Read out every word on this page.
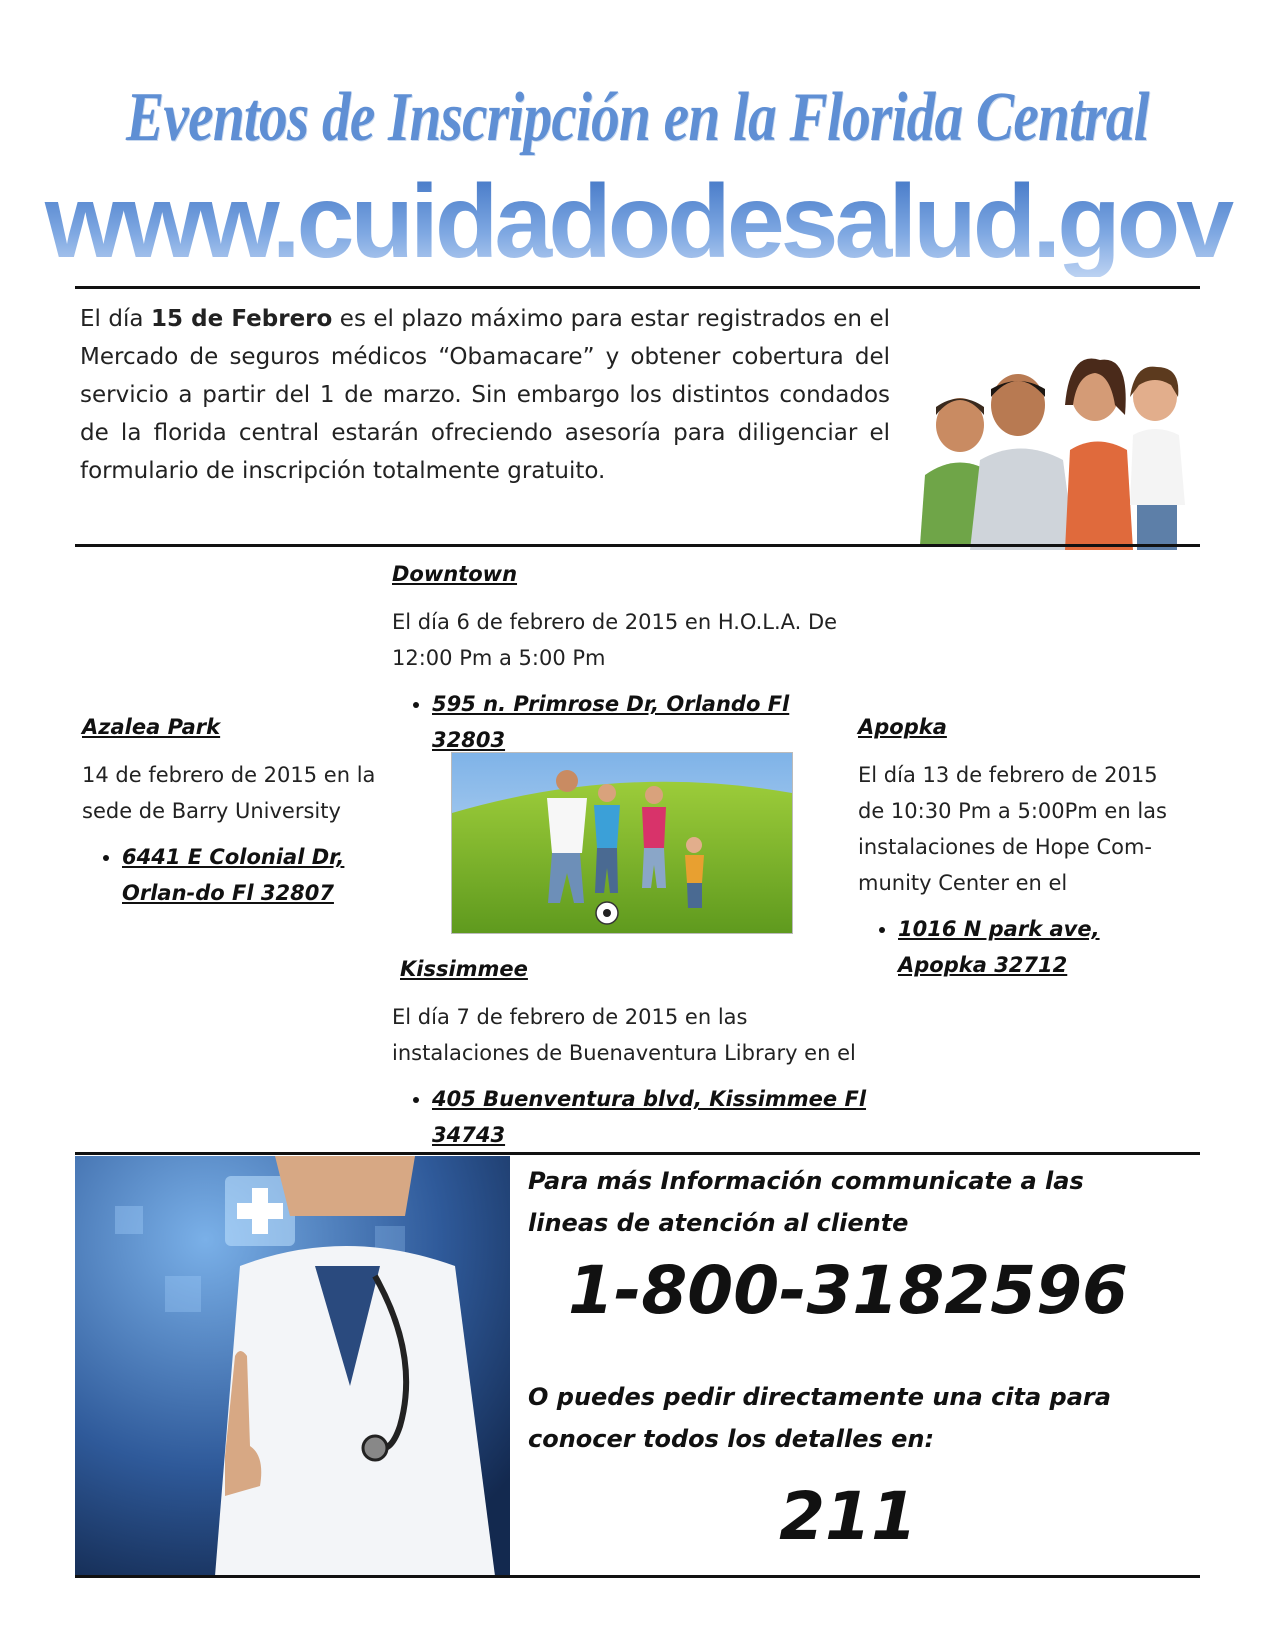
Eventos de Inscripción en la Florida Central
www.cuidadodesalud.gov
El día 15 de Febrero es el plazo máximo para estar registrados en el Mercado de seguros médicos “Obamacare” y obtener cobertura del servicio a partir del 1 de marzo. Sin embargo los distintos condados de la florida central estarán ofreciendo asesoría para diligenciar el formulario de inscripción totalmente gratuito.
Downtown
El día 6 de febrero de 2015 en H.O.L.A. De 12:00 Pm a 5:00 Pm
• 595 n. Primrose Dr, Orlando Fl 32803
Azalea Park
14 de febrero de 2015 en la sede de Barry University
• 6441 E Colonial Dr, Orlan-do Fl 32807
Apopka
El día 13 de febrero de 2015 de 10:30 Pm a 5:00Pm en las instalaciones de Hope Com-munity Center en el
• 1016 N park ave, Apopka 32712
Kissimmee
El día 7 de febrero de 2015 en las instalaciones de Buenaventura Library en el
• 405 Buenventura blvd, Kissimmee Fl 34743
Para más Información communicate a las lineas de atención al cliente
1-800-3182596
O puedes pedir directamente una cita para conocer todos los detalles en:
211
